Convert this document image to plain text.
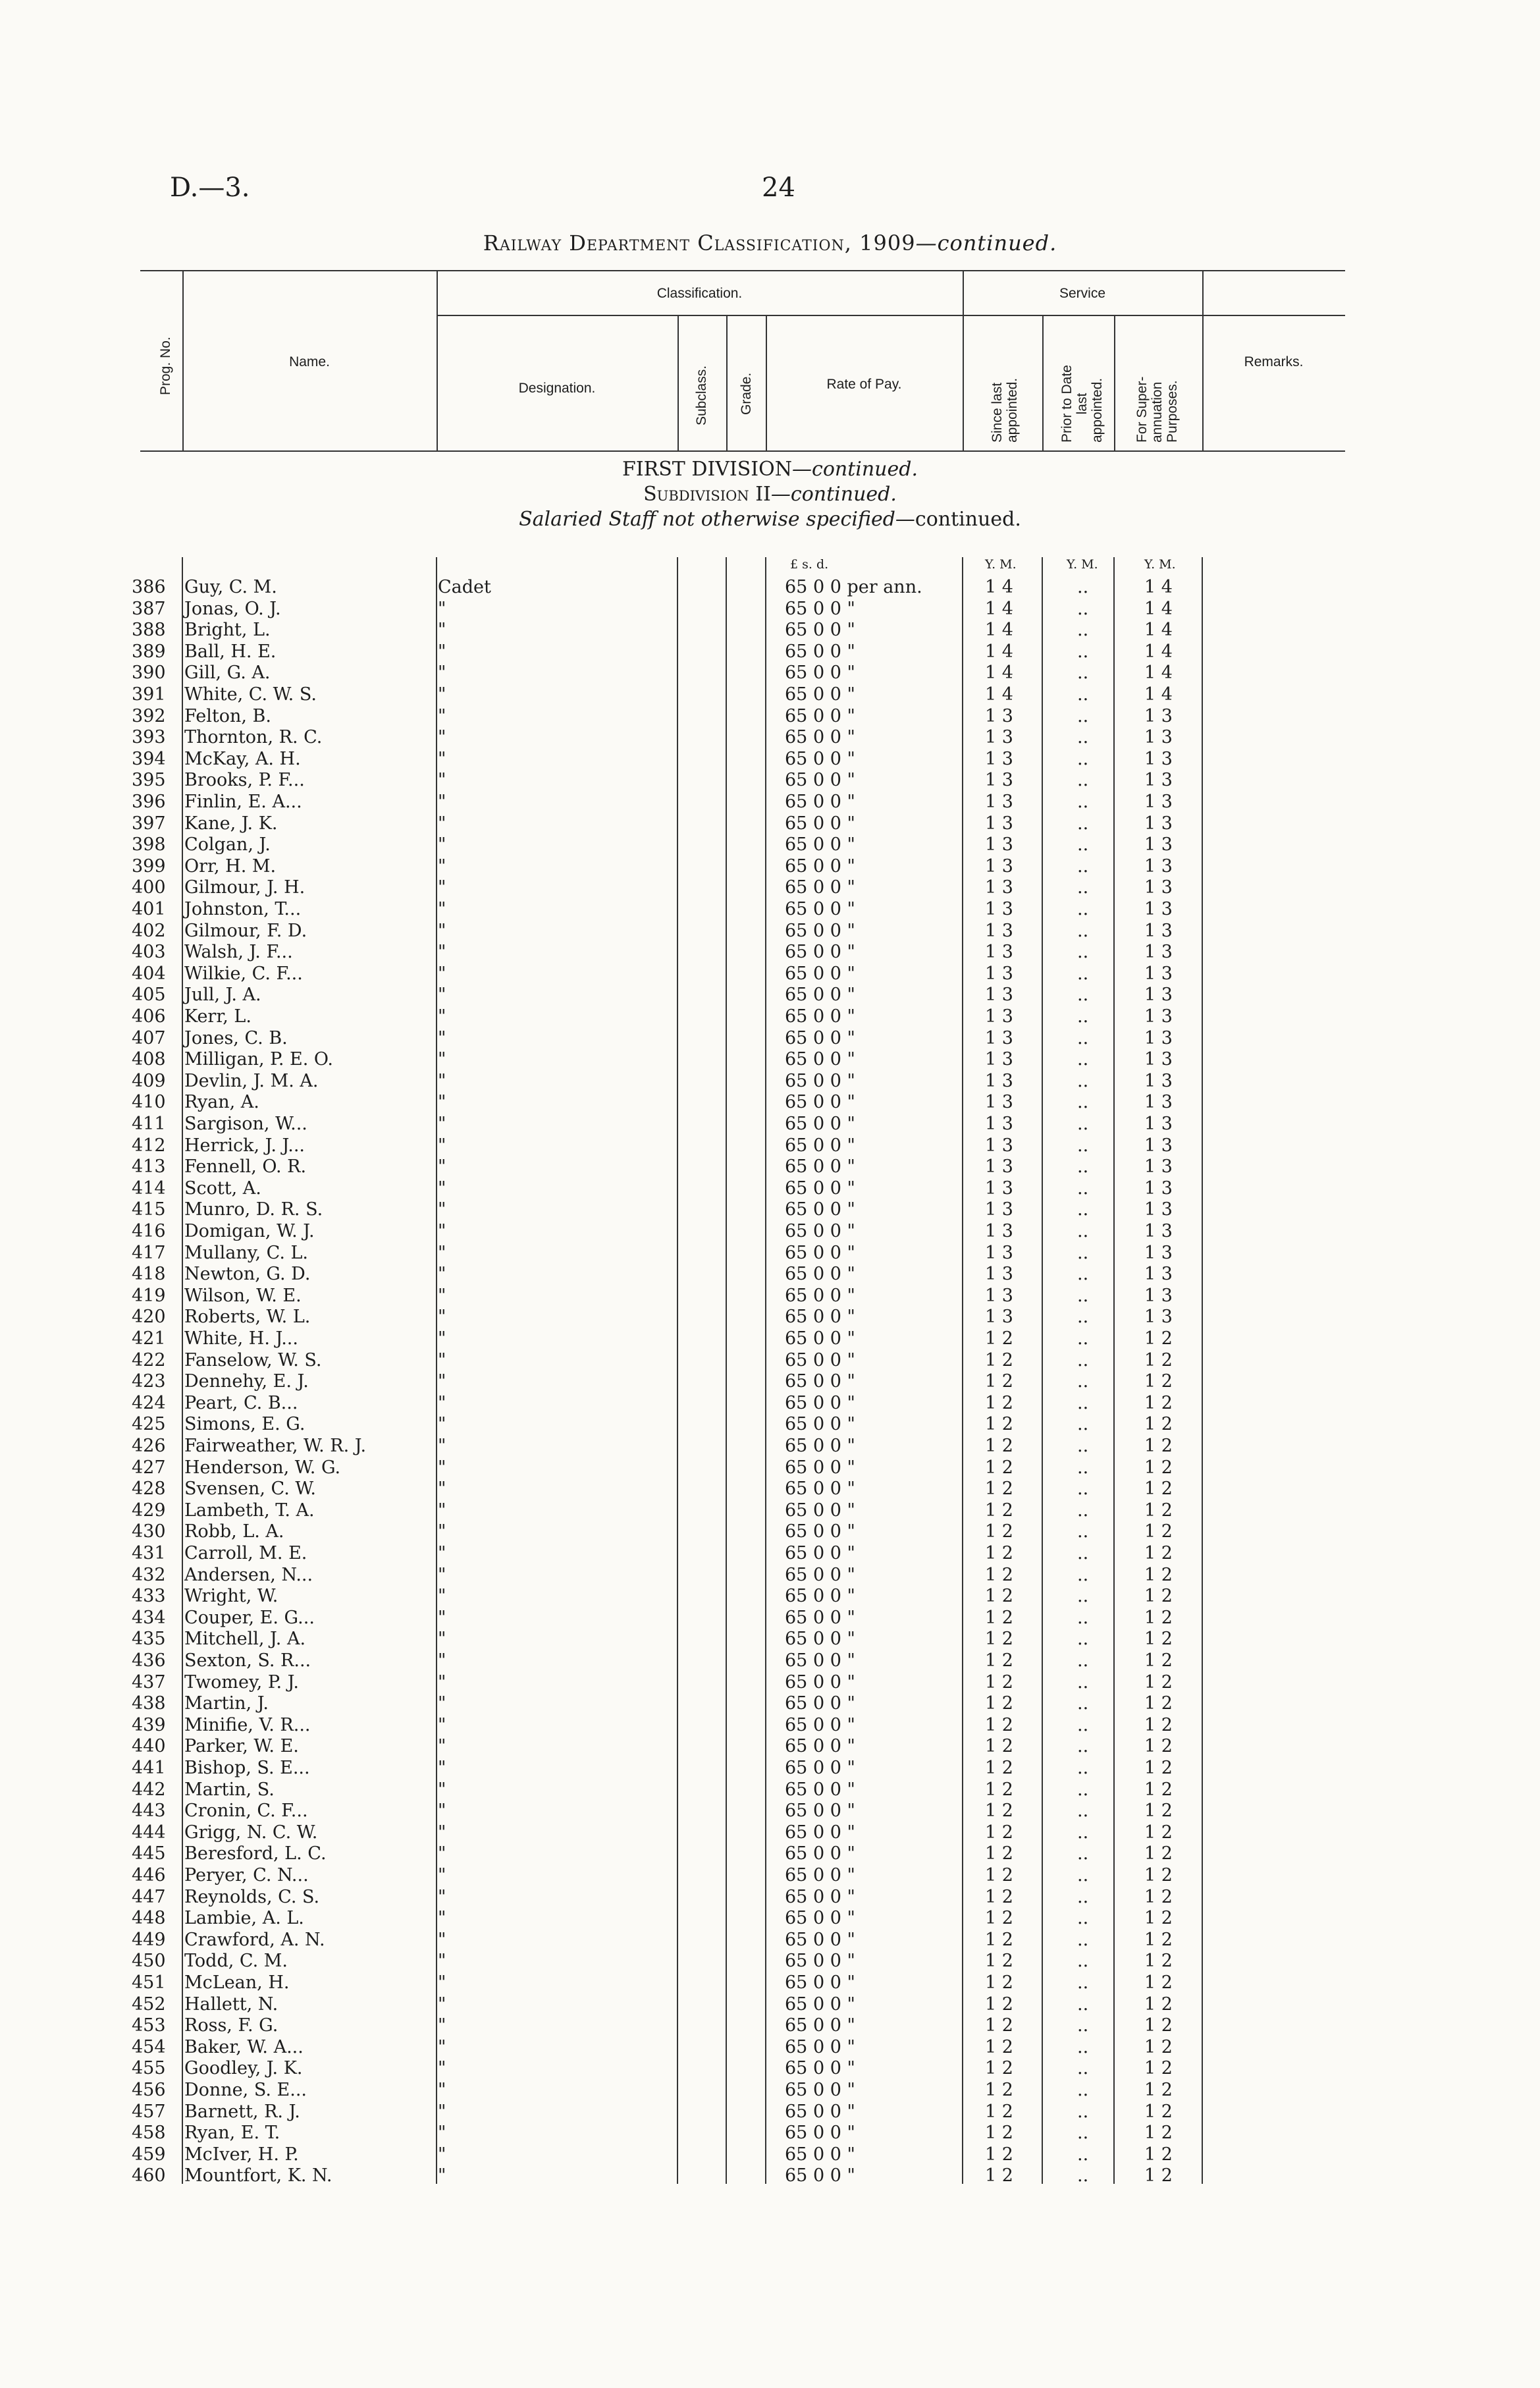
D.—3.	24
Railway Department Classification, 1909—continued.
Prog. No.	Name.
Classification.
Designation.	Subclass. Grade.	Rate of Pay.
Service
Since last appointed.	Prior to Date last appointed. For Super- annuation Purposes.
Remarks.
FIRST DIVISION—continued.
Subdivision II—continued.
Salaried Staff not otherwise specified—continued.
£ s. d.	Y. M.	Y. M.	Y. M.
386 Guy, C. M.	Cadet	65 0 0 per ann.	1 4	..	1 4
387 Jonas, O. J.	"	65 0 0 "	1 4	..	1 4
388 Bright, L.	"	65 0 0 "	1 4	..	1 4
389 Ball, H. E.	"	65 0 0 "	1 4	..	1 4
390 Gill, G. A.	"	65 0 0 "	1 4	..	1 4
391 White, C. W. S.	"	65 0 0 "	1 4	..	1 4
392 Felton, B.	"	65 0 0 "	1 3	..	1 3
393 Thornton, R. C.	"	65 0 0 "	1 3	..	1 3
394 McKay, A. H.	"	65 0 0 "	1 3	..	1 3
395 Brooks, P. F...	"	65 0 0 "	1 3	..	1 3
396 Finlin, E. A...	"	65 0 0 "	1 3	..	1 3
397 Kane, J. K.	"	65 0 0 "	1 3	..	1 3
398 Colgan, J.	"	65 0 0 "	1 3	..	1 3
399 Orr, H. M.	"	65 0 0 "	1 3	..	1 3
400 Gilmour, J. H.	"	65 0 0 "	1 3	..	1 3
401 Johnston, T...	"	65 0 0 "	1 3	..	1 3
402 Gilmour, F. D.	"	65 0 0 "	1 3	..	1 3
403 Walsh, J. F...	"	65 0 0 "	1 3	..	1 3
404 Wilkie, C. F...	"	65 0 0 "	1 3	..	1 3
405 Jull, J. A.	"	65 0 0 "	1 3	..	1 3
406 Kerr, L.	"	65 0 0 "	1 3	..	1 3
407 Jones, C. B.	"	65 0 0 "	1 3	..	1 3
408 Milligan, P. E. O.	"	65 0 0 "	1 3	..	1 3
409 Devlin, J. M. A.	"	65 0 0 "	1 3	..	1 3
410 Ryan, A.	"	65 0 0 "	1 3	..	1 3
411 Sargison, W...	"	65 0 0 "	1 3	..	1 3
412 Herrick, J. J...	"	65 0 0 "	1 3	..	1 3
413 Fennell, O. R.	"	65 0 0 "	1 3	..	1 3
414 Scott, A.	"	65 0 0 "	1 3	..	1 3
415 Munro, D. R. S.	"	65 0 0 "	1 3	..	1 3
416 Domigan, W. J.	"	65 0 0 "	1 3	..	1 3
417 Mullany, C. L.	"	65 0 0 "	1 3	..	1 3
418 Newton, G. D.	"	65 0 0 "	1 3	..	1 3
419 Wilson, W. E.	"	65 0 0 "	1 3	..	1 3
420 Roberts, W. L.	"	65 0 0 "	1 3	..	1 3
421 White, H. J...	"	65 0 0 "	1 2	..	1 2
422 Fanselow, W. S.	"	65 0 0 "	1 2	..	1 2
423 Dennehy, E. J.	"	65 0 0 "	1 2	..	1 2
424 Peart, C. B...	"	65 0 0 "	1 2	..	1 2
425 Simons, E. G.	"	65 0 0 "	1 2	..	1 2
426 Fairweather, W. R. J.	"	65 0 0 "	1 2	..	1 2
427 Henderson, W. G.	"	65 0 0 "	1 2	..	1 2
428 Svensen, C. W.	"	65 0 0 "	1 2	..	1 2
429 Lambeth, T. A.	"	65 0 0 "	1 2	..	1 2
430 Robb, L. A.	"	65 0 0 "	1 2	..	1 2
431 Carroll, M. E.	"	65 0 0 "	1 2	..	1 2
432 Andersen, N...	"	65 0 0 "	1 2	..	1 2
433 Wright, W.	"	65 0 0 "	1 2	..	1 2
434 Couper, E. G...	"	65 0 0 "	1 2	..	1 2
435 Mitchell, J. A.	"	65 0 0 "	1 2	..	1 2
436 Sexton, S. R...	"	65 0 0 "	1 2	..	1 2
437 Twomey, P. J.	"	65 0 0 "	1 2	..	1 2
438 Martin, J.	"	65 0 0 "	1 2	..	1 2
439 Minifie, V. R...	"	65 0 0 "	1 2	..	1 2
440 Parker, W. E.	"	65 0 0 "	1 2	..	1 2
441 Bishop, S. E...	"	65 0 0 "	1 2	..	1 2
442 Martin, S.	"	65 0 0 "	1 2	..	1 2
443 Cronin, C. F...	"	65 0 0 "	1 2	..	1 2
444 Grigg, N. C. W.	"	65 0 0 "	1 2	..	1 2
445 Beresford, L. C.	"	65 0 0 "	1 2	..	1 2
446 Peryer, C. N...	"	65 0 0 "	1 2	..	1 2
447 Reynolds, C. S.	"	65 0 0 "	1 2	..	1 2
448 Lambie, A. L.	"	65 0 0 "	1 2	..	1 2
449 Crawford, A. N.	"	65 0 0 "	1 2	..	1 2
450 Todd, C. M.	"	65 0 0 "	1 2	..	1 2
451 McLean, H.	"	65 0 0 "	1 2	..	1 2
452 Hallett, N.	"	65 0 0 "	1 2	..	1 2
453 Ross, F. G.	"	65 0 0 "	1 2	..	1 2
454 Baker, W. A...	"	65 0 0 "	1 2	..	1 2
455 Goodley, J. K.	"	65 0 0 "	1 2	..	1 2
456 Donne, S. E...	"	65 0 0 "	1 2	..	1 2
457 Barnett, R. J.	"	65 0 0 "	1 2	..	1 2
458 Ryan, E. T.	"	65 0 0 "	1 2	..	1 2
459 McIver, H. P.	"	65 0 0 "	1 2	..	1 2
460 Mountfort, K. N.	"	65 0 0 "	1 2	..	1 2
